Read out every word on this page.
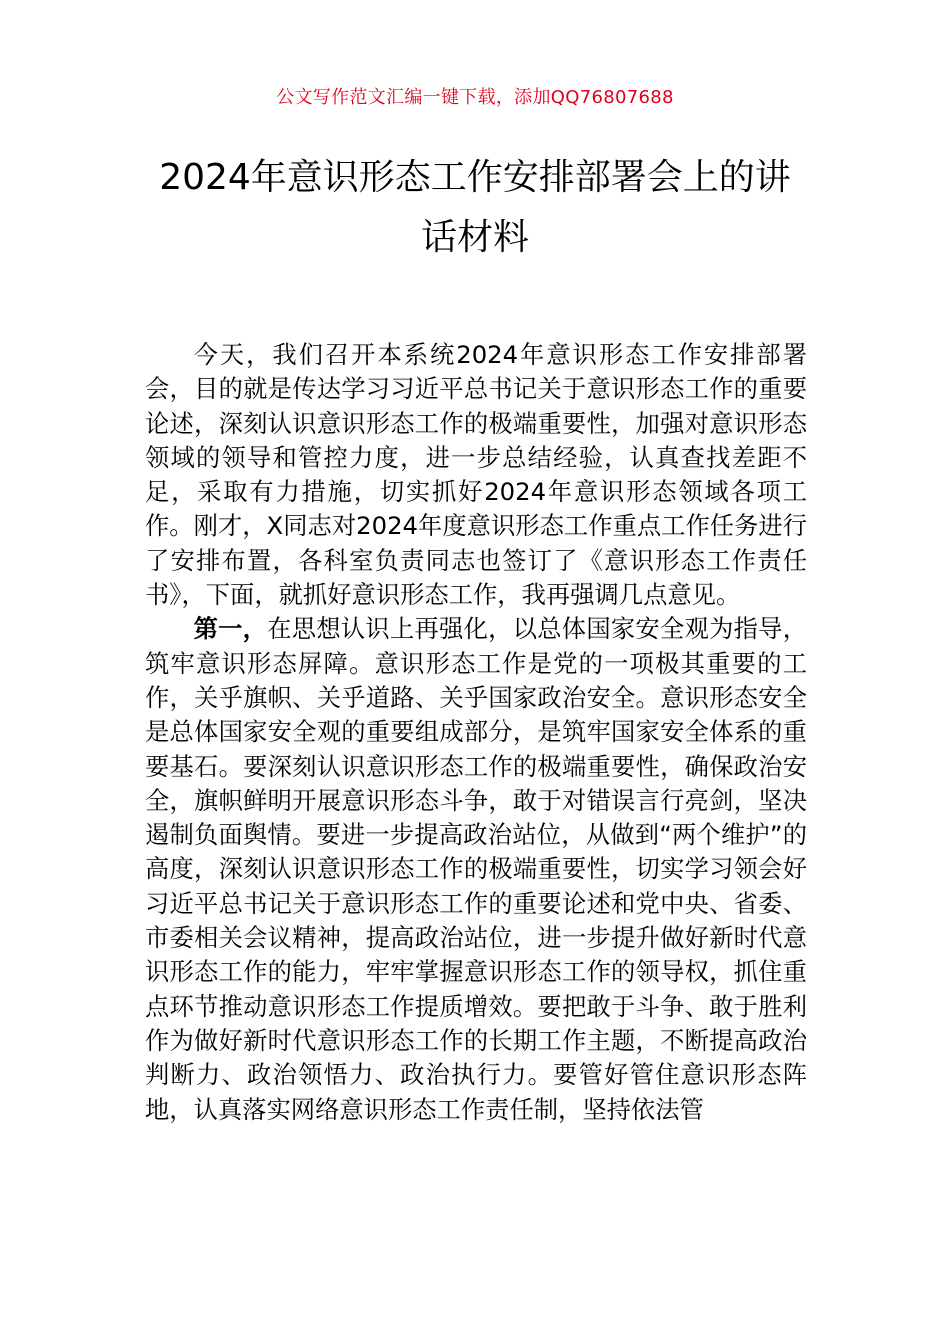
公文写作范文汇编一键下载，添加QQ76807688
2024年意识形态工作安排部署会上的讲话材料

今天，我们召开本系统2024年意识形态工作安排部署会，目的就是传达学习习近平总书记关于意识形态工作的重要论述，深刻认识意识形态工作的极端重要性，加强对意识形态领域的领导和管控力度，进一步总结经验，认真查找差距不足，采取有力措施，切实抓好2024年意识形态领域各项工作。刚才，X同志对2024年度意识形态工作重点工作任务进行了安排布置，各科室负责同志也签订了《意识形态工作责任书》，下面，就抓好意识形态工作，我再强调几点意见。

第一，在思想认识上再强化，以总体国家安全观为指导，筑牢意识形态屏障。意识形态工作是党的一项极其重要的工作，关乎旗帜、关乎道路、关乎国家政治安全。意识形态安全是总体国家安全观的重要组成部分，是筑牢国家安全体系的重要基石。要深刻认识意识形态工作的极端重要性，确保政治安全，旗帜鲜明开展意识形态斗争，敢于对错误言行亮剑，坚决遏制负面舆情。要进一步提高政治站位，从做到“两个维护”的高度，深刻认识意识形态工作的极端重要性，切实学习领会好习近平总书记关于意识形态工作的重要论述和党中央、省委、市委相关会议精神，提高政治站位，进一步提升做好新时代意识形态工作的能力，牢牢掌握意识形态工作的领导权，抓住重点环节推动意识形态工作提质增效。要把敢于斗争、敢于胜利作为做好新时代意识形态工作的长期工作主题，不断提高政治判断力、政治领悟力、政治执行力。要管好管住意识形态阵地，认真落实网络意识形态工作责任制，坚持依法管
